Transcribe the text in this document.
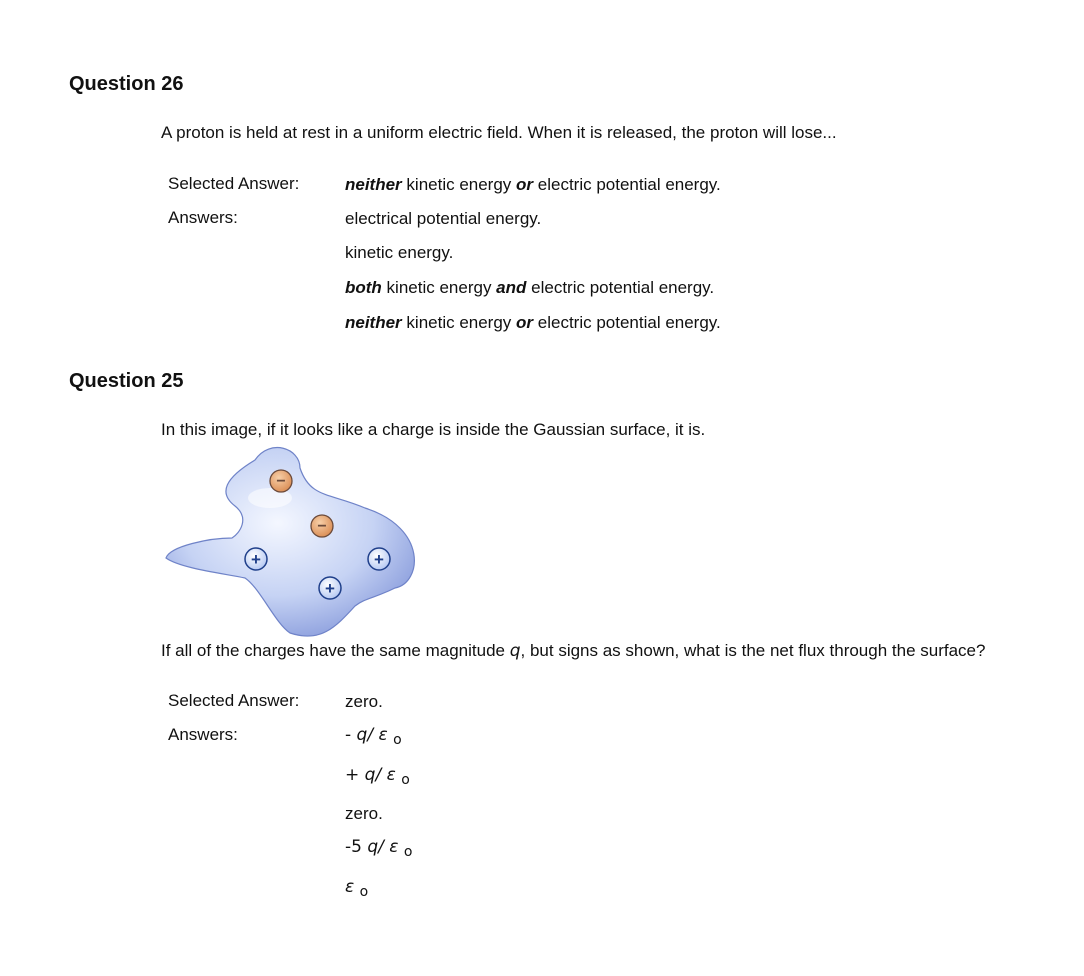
Question 26
A proton is held at rest in a uniform electric field. When it is released, the proton will lose...
Selected Answer:	neither kinetic energy or electric potential energy.
Answers:	electrical potential energy.
kinetic energy.
both kinetic energy and electric potential energy.
neither kinetic energy or electric potential energy.
Question 25
In this image, if it looks like a charge is inside the Gaussian surface, it is.
−
−
+	+
+
If all of the charges have the same magnitude q, but signs as shown, what is the net flux through the surface?
Selected Answer:	zero.
Answers:	- q/ ε $_o$
+ q/ ε $_o$
zero.
-5 q/ ε $_o$
ε $_o$
